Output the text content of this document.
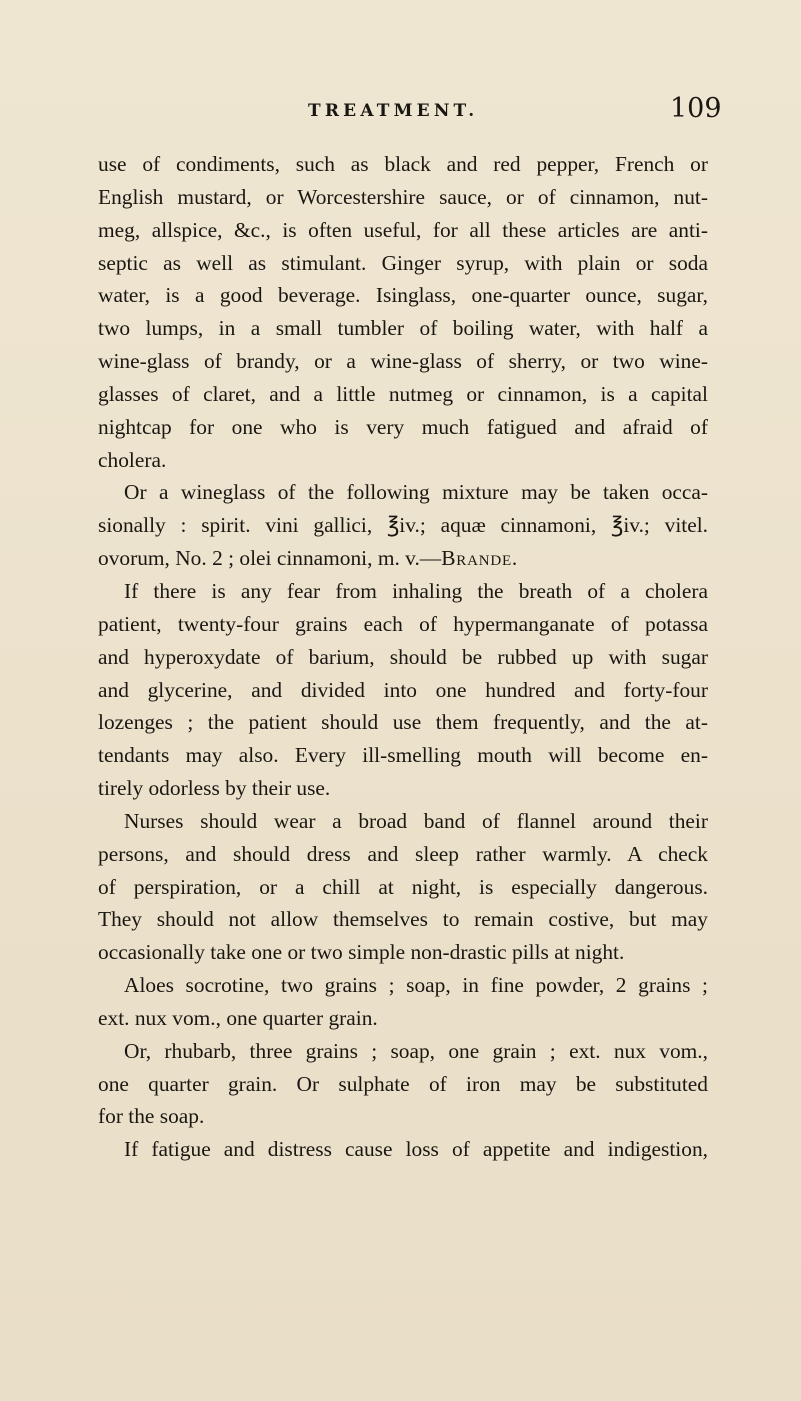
TREATMENT.	109
use of condiments, such as black and red pepper, French or
English mustard, or Worcestershire sauce, or of cinnamon, nut-
meg, allspice, &c., is often useful, for all these articles are anti-
septic as well as stimulant. Ginger syrup, with plain or soda
water, is a good beverage. Isinglass, one-quarter ounce, sugar,
two lumps, in a small tumbler of boiling water, with half a
wine-glass of brandy, or a wine-glass of sherry, or two wine-
glasses of claret, and a little nutmeg or cinnamon, is a capital
nightcap for one who is very much fatigued and afraid of
cholera.
Or a wineglass of the following mixture may be taken occa-
sionally : spirit. vini gallici, ℥iv.; aquæ cinnamoni, ℥iv.; vitel.
ovorum, No. 2 ; olei cinnamoni, m. v.—Brande.
If there is any fear from inhaling the breath of a cholera
patient, twenty-four grains each of hypermanganate of potassa
and hyperoxydate of barium, should be rubbed up with sugar
and glycerine, and divided into one hundred and forty-four
lozenges ; the patient should use them frequently, and the at-
tendants may also. Every ill-smelling mouth will become en-
tirely odorless by their use.
Nurses should wear a broad band of flannel around their
persons, and should dress and sleep rather warmly. A check
of perspiration, or a chill at night, is especially dangerous.
They should not allow themselves to remain costive, but may
occasionally take one or two simple non-drastic pills at night.
Aloes socrotine, two grains ; soap, in fine powder, 2 grains ;
ext. nux vom., one quarter grain.
Or, rhubarb, three grains ; soap, one grain ; ext. nux vom.,
one quarter grain. Or sulphate of iron may be substituted
for the soap.
If fatigue and distress cause loss of appetite and indigestion,
